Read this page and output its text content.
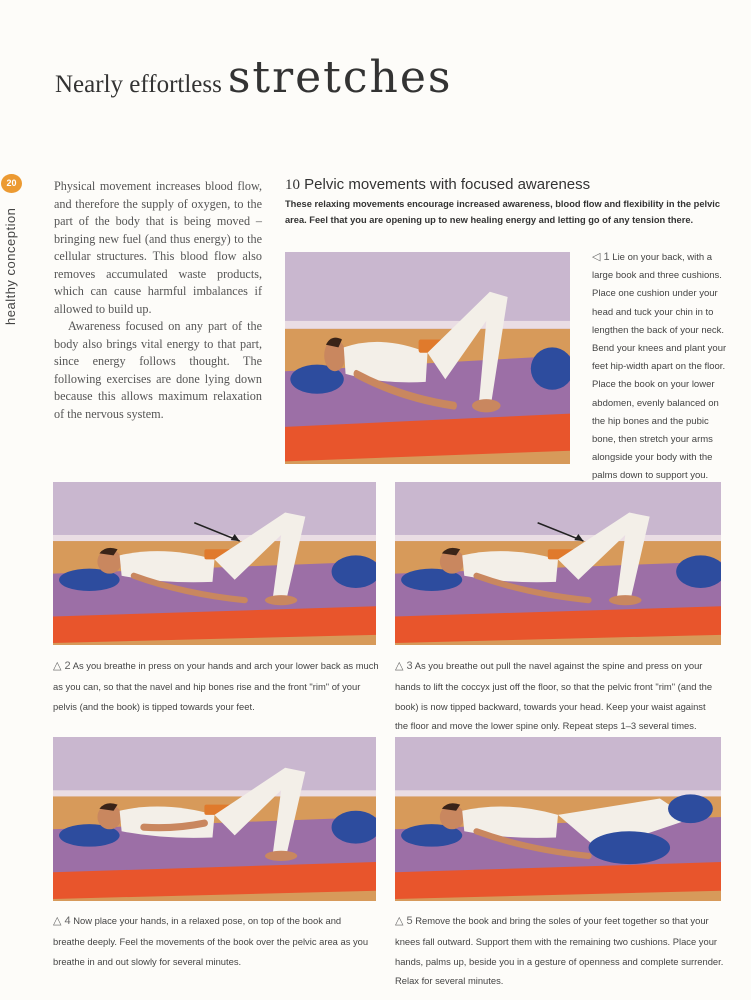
Nearly effortless stretches
20
healthy conception

Physical movement increases blood flow, and therefore the supply of oxygen, to the part of the body that is being moved – bringing new fuel (and thus energy) to the cellular structures. This blood flow also removes accumulated waste products, which can cause harmful imbalances if allowed to build up.

Awareness focused on any part of the body also brings vital energy to that part, since energy follows thought. The following exercises are done lying down because this allows maximum relaxation of the nervous system.

10 Pelvic movements with focused awareness
These relaxing movements encourage increased awareness, blood flow and flexibility in the pelvic area. Feel that you are opening up to new healing energy and letting go of any tension there.
◁ 1 Lie on your back, with a large book and three cushions. Place one cushion under your head and tuck your chin in to lengthen the back of your neck. Bend your knees and plant your feet hip-width apart on the floor. Place the book on your lower abdomen, evenly balanced on the hip bones and the pubic bone, then stretch your arms alongside your body with the palms down to support you.
△ 2 As you breathe in press on your hands and arch your lower back as much as you can, so that the navel and hip bones rise and the front "rim" of your pelvis (and the book) is tipped towards your feet.
△ 3 As you breathe out pull the navel against the spine and press on your hands to lift the coccyx just off the floor, so that the pelvic front "rim" (and the book) is now tipped backward, towards your head. Keep your waist against the floor and move the lower spine only. Repeat steps 1–3 several times.
△ 4 Now place your hands, in a relaxed pose, on top of the book and breathe deeply. Feel the movements of the book over the pelvic area as you breathe in and out slowly for several minutes.
△ 5 Remove the book and bring the soles of your feet together so that your knees fall outward. Support them with the remaining two cushions. Place your hands, palms up, beside you in a gesture of openness and complete surrender. Relax for several minutes.
